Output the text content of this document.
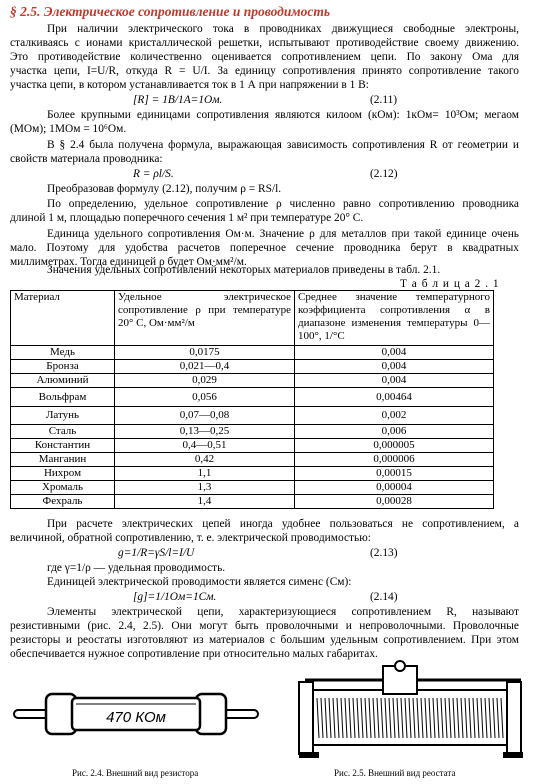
§ 2.5. Электрическое сопротивление и проводимость
При наличии электрического тока в проводниках движущиеся свободные электроны,
сталкиваясь с ионами кристаллической решетки, испытывают противодействие своему движению.
Это противодействие количественно оценивается сопротивлением цепи. По закону Ома для
участка цепи, I=U/R, откуда R = U/I. За единицу сопротивления принято сопротивление такого
участка цепи, в котором устанавливается ток в 1 А при напряжении в 1 В:
[R] = 1В/1А=1Ом.	(2.11)
Более крупными единицами сопротивления являются килоом (кОм): 1кОм= 10³Ом; мегаом
(МОм); 1МОм = 10⁶Ом.
В § 2.4 была получена формула, выражающая зависимость сопротивления R от геометрии и
свойств материала проводника:
R = ρl/S.	(2.12)
Преобразовав формулу (2.12), получим ρ = RS/l.
По определению, удельное сопротивление ρ численно равно сопротивлению проводника
длиной 1 м, площадью поперечного сечения 1 м² при температуре 20° С.
Единица удельного сопротивления Ом·м. Значение ρ для металлов при такой единице очень
мало. Поэтому для удобства расчетов поперечное сечение проводника берут в квадратных
миллиметрах. Тогда единицей ρ будет Ом·мм²/м.
Значения удельных сопротивлений некоторых материалов приведены в табл. 2.1.
Т а б л и ц а 2 . 1
Материал	Удельное электрическое сопротивление ρ при температуре 20° С, Ом·мм²/м	Среднее значение температурного коэффициента сопротивления α в диапазоне изменения температуры 0—100°, 1/°С
Медь	0,0175	0,004
Бронза	0,021—0,4	0,004
Алюминий	0,029	0,004
Вольфрам	0,056	0,00464
Латунь	0,07—0,08	0,002
Сталь	0,13—0,25	0,006
Константин	0,4—0,51	0,000005
Манганин	0,42	0,000006
Нихром	1,1	0,00015
Хромаль	1,3	0,00004
Фехраль	1,4	0,00028
При расчете электрических цепей иногда удобнее пользоваться не сопротивлением, а
величиной, обратной сопротивлению, т. е. электрической проводимостью:
g=1/R=γS/l=I/U	(2.13)
где γ=1/ρ — удельная проводимость.
Единицей электрической проводимости является сименс (См):
[g]=1/1Ом=1См.	(2.14)
Элементы электрической цепи, характеризующиеся сопротивлением R, называют
резистивными (рис. 2.4, 2.5). Они могут быть проволочными и непроволочными. Проволочные
резисторы и реостаты изготовляют из материалов с большим удельным сопротивлением. При этом
обеспечивается нужное сопротивление при относительно малых габаритах.
470 КОм
Рис. 2.4. Внешний вид резистора	Рис. 2.5. Внешний вид реостата
